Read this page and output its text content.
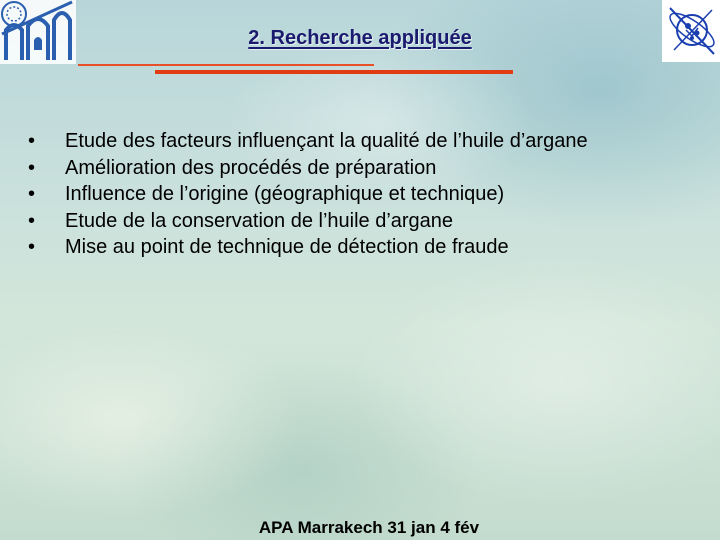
2. Recherche appliquée
• Etude des facteurs influençant la qualité de l’huile d’argane
• Amélioration des procédés de préparation
• Influence de l’origine (géographique et technique)
• Etude de la conservation de l’huile d’argane
• Mise au point de technique de détection de fraude
APA Marrakech 31 jan 4 fév
